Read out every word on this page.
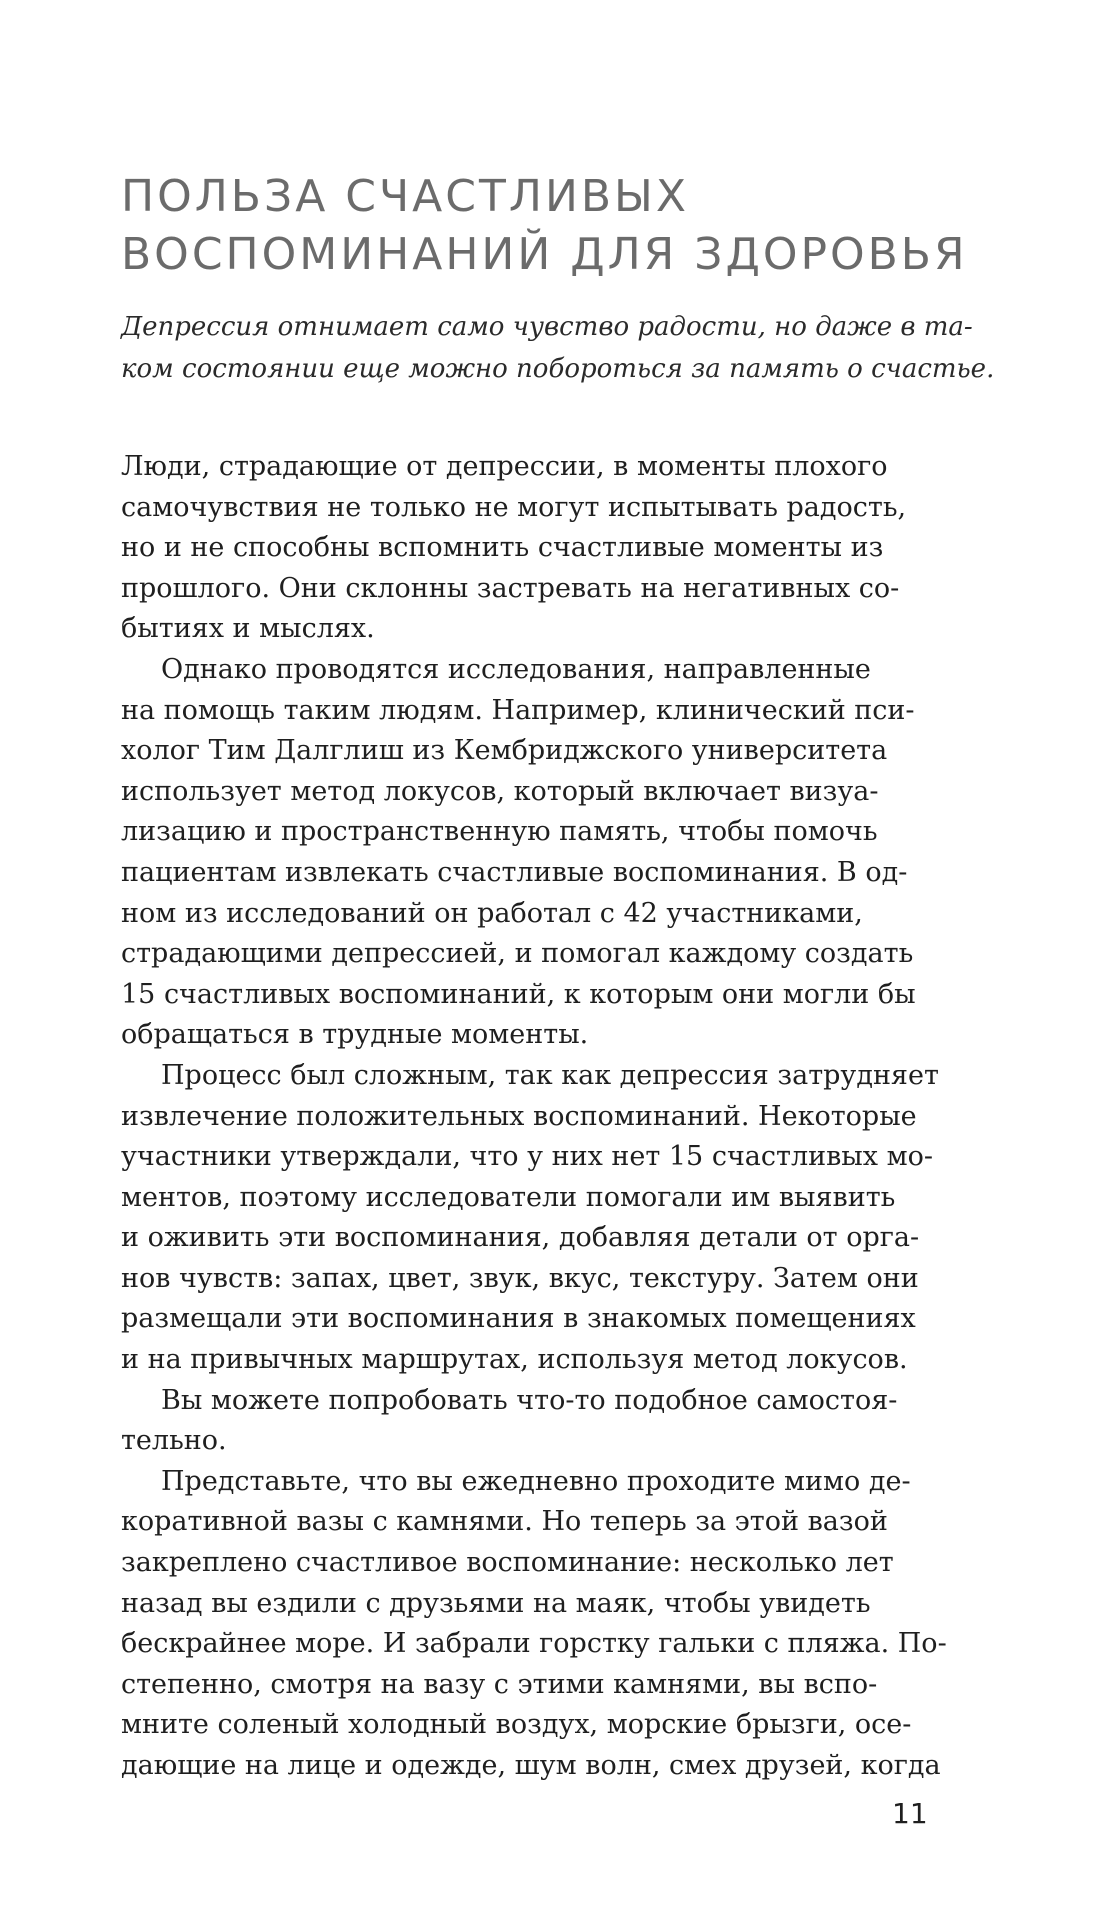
ПОЛЬЗА СЧАСТЛИВЫХ
ВОСПОМИНАНИЙ ДЛЯ ЗДОРОВЬЯ

Депрессия отнимает само чувство радости, но даже в та-
ком состоянии еще можно побороться за память о счастье.

Люди, страдающие от депрессии, в моменты плохого
самочувствия не только не могут испытывать радость,
но и не способны вспомнить счастливые моменты из
прошлого. Они склонны застревать на негативных со-
бытиях и мыслях.
Однако проводятся исследования, направленные
на помощь таким людям. Например, клинический пси-
холог Тим Далглиш из Кембриджского университета
использует метод локусов, который включает визуа-
лизацию и пространственную память, чтобы помочь
пациентам извлекать счастливые воспоминания. В од-
ном из исследований он работал с 42 участниками,
страдающими депрессией, и помогал каждому создать
15 счастливых воспоминаний, к которым они могли бы
обращаться в трудные моменты.
Процесс был сложным, так как депрессия затрудняет
извлечение положительных воспоминаний. Некоторые
участники утверждали, что у них нет 15 счастливых мо-
ментов, поэтому исследователи помогали им выявить
и оживить эти воспоминания, добавляя детали от орга-
нов чувств: запах, цвет, звук, вкус, текстуру. Затем они
размещали эти воспоминания в знакомых помещениях
и на привычных маршрутах, используя метод локусов.
Вы можете попробовать что-то подобное самостоя-
тельно.
Представьте, что вы ежедневно проходите мимо де-
коративной вазы с камнями. Но теперь за этой вазой
закреплено счастливое воспоминание: несколько лет
назад вы ездили с друзьями на маяк, чтобы увидеть
бескрайнее море. И забрали горстку гальки с пляжа. По-
степенно, смотря на вазу с этими камнями, вы вспо-
мните соленый холодный воздух, морские брызги, осе-
дающие на лице и одежде, шум волн, смех друзей, когда
11
